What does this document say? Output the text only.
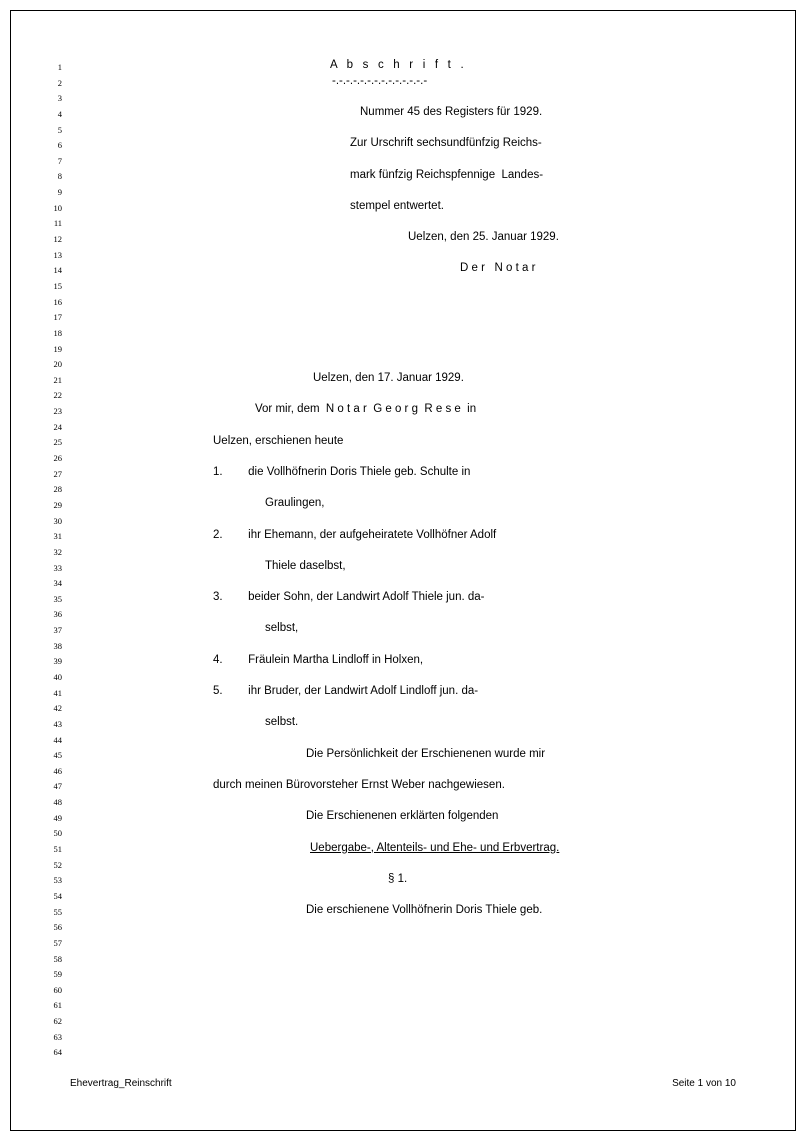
1
2
3
4
5
6
7
8
9
10
11
12
13
14
15
16
17
18
19
20
21
22
23
24
25
26
27
28
29
30
31
32
33
34
35
36
37
38
39
40
41
42
43
44
45
46
47
48
49
50
51
52
53
54
55
56
57
58
59
60
61
62
63
64
A b s c h r i f t .
-.-.-.-.-.-.-.-.-.-.-.-.-.-
Nummer 45 des Registers für 1929.
Zur Urschrift sechsundfünfzig Reichs-
mark fünfzig Reichspfennige  Landes-
stempel entwertet.
Uelzen, den 25. Januar 1929.
D e r   N o t a r
Uelzen, den 17. Januar 1929.
Vor mir, dem  N o t a r  G e o r g  R e s e  in
Uelzen, erschienen heute
1.        die Vollhöfnerin Doris Thiele geb. Schulte in
Graulingen,
2.        ihr Ehemann, der aufgeheiratete Vollhöfner Adolf
Thiele daselbst,
3.        beider Sohn, der Landwirt Adolf Thiele jun. da-
selbst,
4.        Fräulein Martha Lindloff in Holxen,
5.        ihr Bruder, der Landwirt Adolf Lindloff jun. da-
selbst.
Die Persönlichkeit der Erschienenen wurde mir
durch meinen Bürovorsteher Ernst Weber nachgewiesen.
Die Erschienenen erklärten folgenden
Uebergabe-, Altenteils- und Ehe- und Erbvertrag.
§ 1.
Die erschienene Vollhöfnerin Doris Thiele geb.
Ehevertrag_Reinschrift	Seite 1 von 10
